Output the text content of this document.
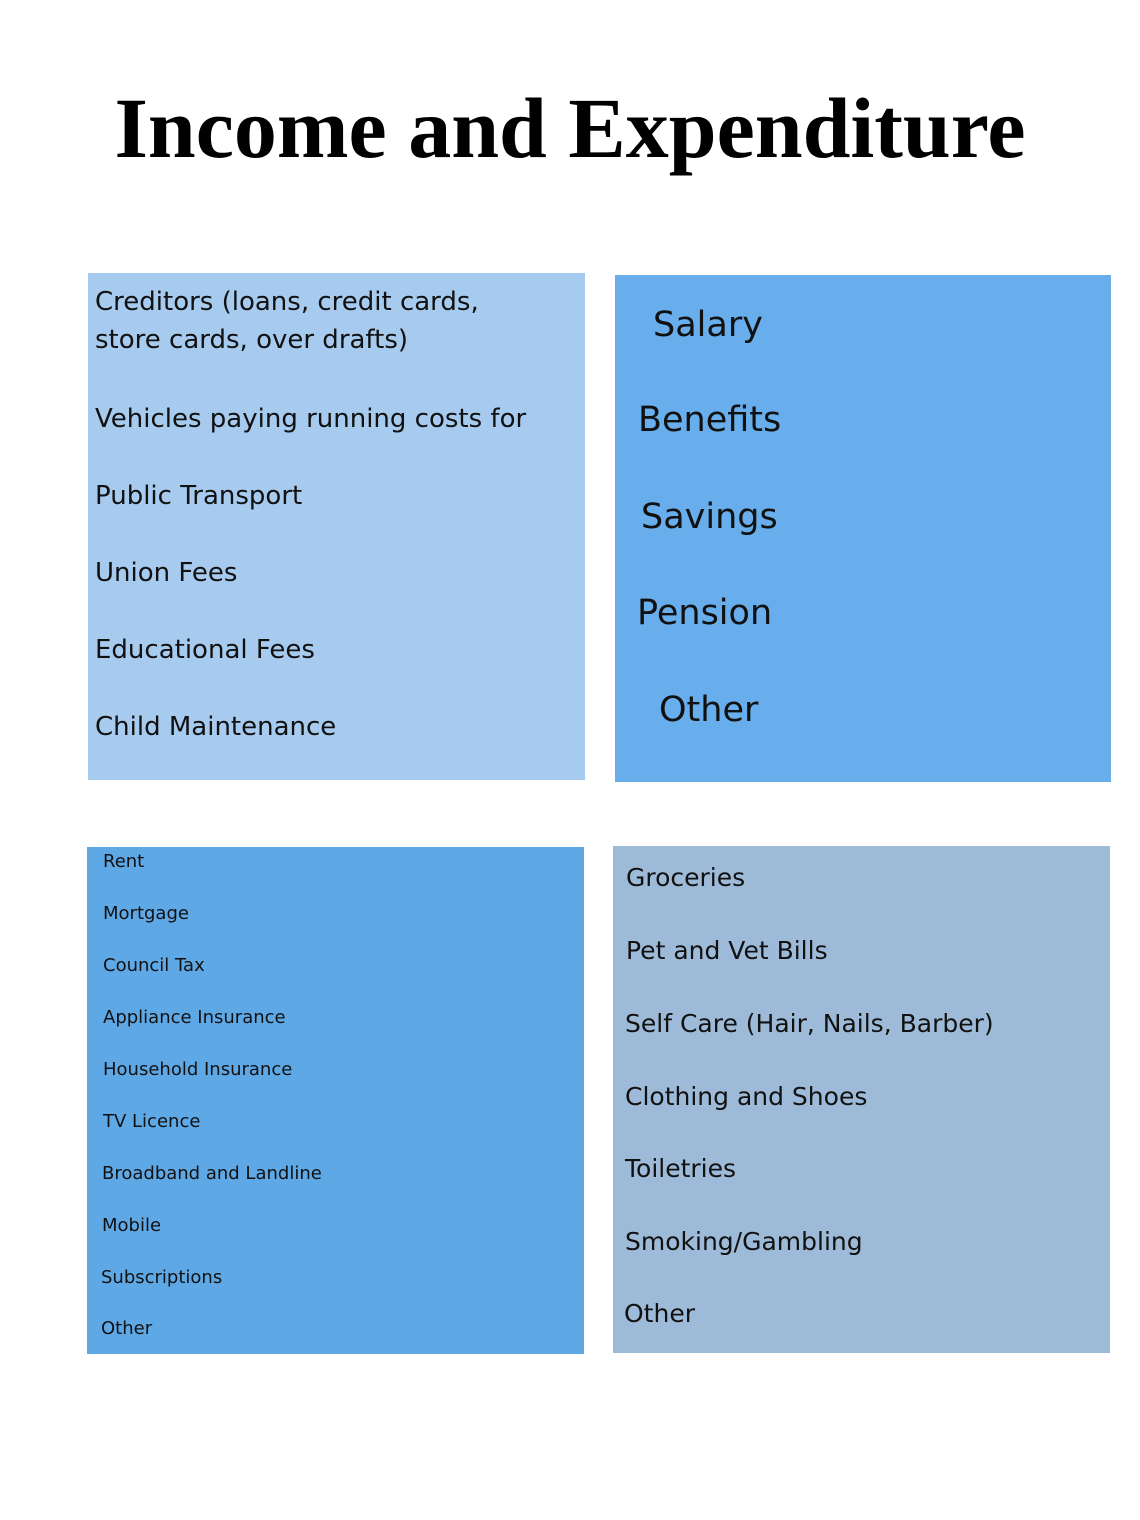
Income and Expenditure
Creditors (loans, credit cards, store cards, over drafts)
Vehicles paying running costs for
Public Transport
Union Fees
Educational Fees
Child Maintenance
Salary
Benefits
Savings
Pension
Other
Rent
Mortgage
Council Tax
Appliance Insurance
Household Insurance
TV Licence
Broadband and Landline
Mobile
Subscriptions
Other
Groceries
Pet and Vet Bills
Self Care (Hair, Nails, Barber)
Clothing and Shoes
Toiletries
Smoking/Gambling
Other
